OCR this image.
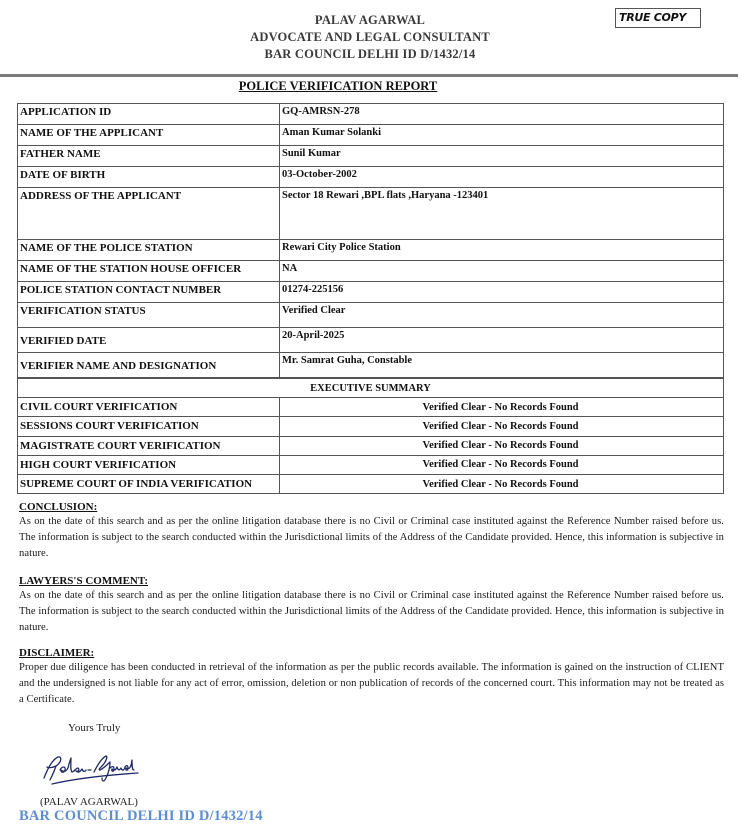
PALAV AGARWAL
ADVOCATE AND LEGAL CONSULTANT
BAR COUNCIL DELHI ID D/1432/14
TRUE COPY
POLICE VERIFICATION REPORT
APPLICATION ID	GQ-AMRSN-278
NAME OF THE APPLICANT	Aman Kumar Solanki
FATHER NAME	Sunil Kumar
DATE OF BIRTH	03-October-2002
ADDRESS OF THE APPLICANT	Sector 18 Rewari ,BPL flats ,Haryana -123401
NAME OF THE POLICE STATION	Rewari City Police Station
NAME OF THE STATION HOUSE OFFICER	NA
POLICE STATION CONTACT NUMBER	01274-225156
VERIFICATION STATUS	Verified Clear
VERIFIED DATE	20-April-2025
VERIFIER NAME AND DESIGNATION	Mr. Samrat Guha, Constable
EXECUTIVE SUMMARY	
CIVIL COURT VERIFICATION	Verified Clear - No Records Found
SESSIONS COURT VERIFICATION	Verified Clear - No Records Found
MAGISTRATE COURT VERIFICATION	Verified Clear - No Records Found
HIGH COURT VERIFICATION	Verified Clear - No Records Found
SUPREME COURT OF INDIA VERIFICATION	Verified Clear - No Records Found
CONCLUSION:
As on the date of this search and as per the online litigation database there is no Civil or Criminal case instituted against the Reference Number raised before us. The information is subject to the search conducted within the Jurisdictional limits of the Address of the Candidate provided. Hence, this information is subjective in nature.
LAWYERS'S COMMENT:
As on the date of this search and as per the online litigation database there is no Civil or Criminal case instituted against the Reference Number raised before us. The information is subject to the search conducted within the Jurisdictional limits of the Address of the Candidate provided. Hence, this information is subjective in nature.
DISCLAIMER:
Proper due diligence has been conducted in retrieval of the information as per the public records available. The information is gained on the instruction of CLIENT and the undersigned is not liable for any act of error, omission, deletion or non publication of records of the concerned court. This information may not be treated as a Certificate.
Yours Truly
(PALAV AGARWAL)
BAR COUNCIL DELHI ID D/1432/14
